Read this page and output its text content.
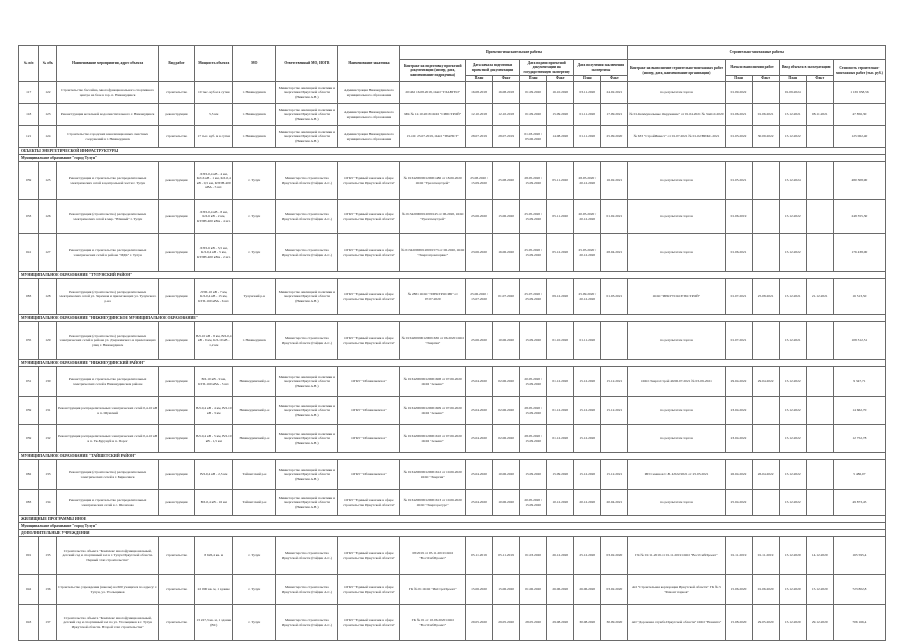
№ п/п	№ объ	Наименование мероприятия, адрес объекта	Вид работ	Мощность объекта	МО	Ответственный МО, ИОГВ	Наименование заказчика	Проектно-изыскательские работы							Строительно-монтажные работы					
								Контракт на подготовку проектной документации (номер, дата, наименование подрядчика)	Дата начала подготовки проектной документации		Дата подачи проектной документации на государственную экспертизу		Дата получения заключения экспертизы		Контракт на выполнение строительно-монтажных работ (номер, дата, наименование организации)	Начало выполнения работ		Ввод объекта в эксплуатацию		Стоимость строительно-монтажных работ (тыс. руб.)
									План	Факт	План	Факт	План	Факт		План	Факт	План	Факт	
117	122	Строительство бассейна, многофункционального спортивного центра на базе в гор. п. Нижнеудинск	строительство	10 тыс. куб.м в сутки	г. Нижнеудинск	Министерство жилищной политики и энергетики Иркутской области (Никитин А.Н.)	Администрация Нижнеудинского муниципального образования	20/462 16.08.2018, ОАО "ГЛАВГЕО"	16.08.2018	16.08.2018	01.09.2020	16.10.2020	03.11.2020	24.02.2021	по результатам торгов	01.09.2022		01.09.2024		1 165 958,56
118	123	Реконструкция котельной водоочистительного г. Нижнеудинск	реконструкция	5,5 км	г. Нижнеудинск	Министерство жилищной политики и энергетики Иркутской области (Никитин А.Н.)	Администрация Нижнеудинского муниципального образования	МК № 12.10.2018 ООО "СИБСТРОЙ"	12.10.2018	12.10.2018	01.09.2020	15.09.2020	01.11.2020	17.09.2021	№ 01-Коммунальные Окружение" от 01.04.2021 № ЗАО-0-2020	01.06.2021	01.06.2021	15.12.2021	08.11.2021	47 856,30
121	124	Строительство городских канализационных очистных сооружений в г. Нижнеудинск	строительство	17 тыс. куб. м в сутки	г. Нижнеудинск	Министерство жилищной политики и энергетики Иркутской области (Никитин А.Н.)	Администрация Нижнеудинского муниципального образования	15-ОС 25.07.2019, ОАО "ТРАНСТ"	28.07.2019	28.07.2019	01.03.2020 / 05.06.2020	14.08.2020	01.11.2020	25.09.2020	№ 633 "СтройИнвест" от 01.07.2021 № 01-02/ВИКС-2021	01.03.2022	30.09.2022	15.12.2022		125 062,40
ОБЪЕКТЫ ЭНЕРГЕТИЧЕСКОЙ ИНФРАСТРУКТУРЫ																				
Муниципальное образование "город Тулун"																				
059	125	Реконструкция и строительство распределительных электрических сетей в центральной части г. Тулун	реконструкция	ЛЭП-0,4 кВ - 4 км, КЛ-6 кВ - 1 км, КЛ-0,4 кВ - 0,5 км, КТПН-400 кВА - 5 шт.	г. Тулун	Министерство строительства Иркутской области (Гайдин А.С.)	ОГКУ "Единый заказчик в сфере строительства Иркутской области"	№ 0134200000120001486 от 18.06.2020 ООО "Уралспецстрой"	25.08.2020 / 15.09.2020	25.08.2020	28.05.2020 / 15.09.2020	05.11.2020	28.05.2020 / 20.12.2020	16.02.2021	по результатам торгов	01.05.2021		15.12.2024		480 308,90
033	126	Реконструкция (строительство) распределительных электрических сетей в мкр. "Южный" г. Тулун	реконструкция	ЛЭП-0,4 кВ - 8 км, КЛ-6 кВ - 2 км, КТПН-400 кВА - 4 шт.	г. Тулун	Министерство строительства Иркутской области (Гайдин А.С.)	ОГКУ "Единый заказчик в сфере строительства Иркутской области"	№ 013420000012000145 от 06.2020, ООО "Уралспецстрой"	25.06.2020	15.06.2020	25.05.2020 / 15.09.2020	05.11.2020	20.05.2020 / 20.12.2020	01.02.2021	по результатам торгов	01.06.2019		15.12.2022		248 355,30
041	127	Реконструкция и строительство распределительных электрических сетей в районе "ИДК" г. Тулун	реконструкция	ЛЭП-6 кВ - 3,5 км, КЛ-0,4 кВ - 5 км, КТПН-400 кВА - 2 шт.	г. Тулун	Министерство строительства Иркутской области (Гайдин А.С.)	ОГКУ "Единый заказчик в сфере строительства Иркутской области"	№ 0134200000120001573 от 06.2020, ООО "Энергопромсервис"	23.06.2020	16.06.2020	25.05.2020 / 15.09.2020	05.12.2020	25.05.2020 / 20.12.2020	28.04.2021	по результатам торгов	01.06.2021		15.12.2022		176 438,00
МУНИЦИПАЛЬНОЕ ОБРАЗОВАНИЕ "ТУЛУНСКИЙ РАЙОН"																				
083	128	Реконструкция (строительство) распределительных электрических сетей ул. Заречная и прилегающих ул. Тулунского р-на	реконструкция	ЛЭП-10 кВ - 7 км, КЛ-0,4 кВ - 15 км, КТП-160 кВА - 6 шт.	Тулунский р-н	Министерство жилищной политики и энергетики Иркутской области (Никитин А.Н.)	ОГКУ "Единый заказчик в сфере строительства Иркутской области"	№ 2881 ООО "ЭЛЕКТРОСИБ" от 07.07.2020	25.06.2020 / 15.07.2020	01.07.2020	25.07.2020 / 25.09.2020	09.12.2020	25.09.2020 / 20.12.2020	01.03.2021	ООО "ИРКУТСКСЕТЬСТРОЙ"	01.07.2021	25.08.2021	15.12.2021	21.12.2021	16 513,50
МУНИЦИПАЛЬНОЕ ОБРАЗОВАНИЕ "НИЖНЕУДИНСКОЕ МУНИЦИПАЛЬНОЕ ОБРАЗОВАНИЕ"																				
035	129	Реконструкция (строительство) распределительных электрических сетей в районе ул. Дзержинского и прилегающих улиц г. Нижнеудинск	реконструкция	ВЛ-10 кВ - 8 км, ВЛ-0,4 кВ - 9 км, КЛ-10 кВ - 1,2 км	г. Нижнеудинск	Министерство строительства Иркутской области (Гайдин А.С.)	ОГКУ "Единый заказчик в сфере строительства Иркутской области"	№ 0134200000120001636 от 06.2020 ООО "Энергия"	25.06.2020	10.06.2020	15.09.2020	01.10.2020	01.11.2020		по результатам торгов	01.07.2021		15.12.2021		108 312,51
МУНИЦИПАЛЬНОЕ ОБРАЗОВАНИЕ "НИЖНЕУДИНСКИЙ РАЙОН"																				
031	130	Реконструкция и строительство распределительных электрических сетей в Нижнеудинском районе	реконструкция	ВЛ-10 кВ - 9 км, КТП-160 кВА - 5 шт.	Нижнеудинский р-н	Министерство жилищной политики и энергетики Иркутской области (Никитин А.Н.)	ОГКУ "Облжилкомхоз"	№ 0134200000120001608 от 07.06.2020 ООО "Альянс"	25.04.2020	02.06.2020	20.05.2020 / 15.09.2020	01.12.2020	15.12.2020	15.12.2021	ООО ЭнергоСтрой 46/06.07.2021 № 03-09-2021	29.04.2022	29.04.2022	15.12.2022		9 347,71
059	131	Реконструкция распределительных электрических сетей 0,4-10 кВ в п. Шумский	реконструкция	ВЛ-0,4 кВ - 4 км, ВЛ-10 кВ - 3 км	Нижнеудинский р-н	Министерство жилищной политики и энергетики Иркутской области (Никитин А.Н.)	ОГКУ "Облжилкомхоз"	№ 0134200000120001609 от 07.06.2020 ООО "Альянс"	25.04.2020	02.06.2020	28.05.2020 / 15.09.2020	01.12.2020	15.12.2020	15.12.2021	по результатам торгов	23.04.2022		15.12.2022		14 662,70
059	132	Реконструкция распределительных электрических сетей 0,4-10 кВ в п. Ук-Бурунуй и п. Порог	реконструкция	ВЛ-0,4 кВ - 5 км, ВЛ-10 кВ - 1,5 км	Нижнеудинский р-н	Министерство жилищной политики и энергетики Иркутской области (Никитин А.Н.)	ОГКУ "Облжилкомхоз"	№ 0134200000120001610 от 07.06.2020 ООО "Альянс"	25.04.2020	02.06.2020	28.05.2020 / 15.09.2020	01.12.2020	15.12.2020		по результатам торгов	23.04.2022		15.12.2022		12 752,78
МУНИЦИПАЛЬНОЕ ОБРАЗОВАНИЕ "ТАЙШЕТСКИЙ РАЙОН"																				
082	133	Реконструкция (строительство) распределительных электрических сетей в г. Бирюсинск	реконструкция	ВЛ-0,4 кВ - 2,5 км	Тайшетский р-н	Министерство жилищной политики и энергетики Иркутской области (Никитин А.Н.)	ОГКУ "Облжилкомхоз"	№ 0134200000120001612 от 10.06.2020 ООО "Энергия"	25.04.2020	10.06.2020	15.09.2020	15.09.2020	15.12.2020	15.12.2021	ИП Семенов С.В. 4/022/2021 от 25.03.2021	26.04.2022	26.04.2022	15.12.2022		5 486,07
083	134	Реконструкция и строительство распределительных электрических сетей в с. Шелехово	реконструкция	ВЛ-0,4 кВ - 16 км	Тайшетский р-н	Министерство жилищной политики и энергетики Иркутской области (Никитин А.Н.)	ОГКУ "Единый заказчик в сфере строительства Иркутской области"	№ 0134200000120001613 от 10.06.2020 ООО "Энергоресурс"	25.04.2020	10.06.2020	20.05.2020 / 15.09.2020	10.12.2020	20.12.2020	20.04.2021	по результатам торгов	25.04.2022		15.12.2022		49 873,45
ЖИЛИЩНЫЕ ПРОГРАММЫ ИНОЕ																				
Муниципальное образование "город Тулун"																				
ДОПОЛНИТЕЛЬНЫЕ УЧРЕЖДЕНИЯ																				
001	135	Строительство объекта "Комплекс многофункциональный, детский сад и спортивный зал в г. Тулун Иркутской области. Первый этап строительства"	строительство	8 626,4 кв. м	г. Тулун	Министерство строительства Иркутской области (Гайдин А.С.)	ОГКУ "Единый заказчик в сфере строительства Иркутской области"	08/2019 от 05.11.2019 ООО "ВостСибПроект"	05.11.2019	05.11.2019	01.03.2020	26.12.2020	25.12.2020	03.02.2020	ГК № 01/11-2019 от 01.11.2019 ООО "ВостСибПроект"	01.11.2019	01.11.2019	15.12.2020	14.12.2020	165 595,4
042	136	Строительство учреждения (школы) на 600 учащихся по адресу: г. Тулун, ул. Угольщиков	строительство	22 000 кв. м, 1 здание	г. Тулун	Министерство строительства Иркутской области (Гайдин А.С.)	ОГКУ "Единый заказчик в сфере строительства Иркутской области"	ГК № 01 ООО "ИнСтроПроект"	15.06.2020	15.06.2020	01.06.2020	26.06.2020	26.06.2020	03.02.2020	АО "Строительная корпорация Иркутской области" ГК № 5 "Ремонт парков"	15.06.2020	01.06.2020	15.12.2020	15.12.2020	723 802,8
043	137	Строительство объекта "Комплекс многофункциональный, детский сад и спортивный зал по ул. Угольщиков в г. Тулун Иркутской области. Второй этап строительства"	строительство	13 227,3 кв. м, 1 здание (ВС)	г. Тулун	Министерство строительства Иркутской области (Гайдин А.С.)	ОГКУ "Единый заказчик в сфере строительства Иркутской области"	ГК № 01 от 10.06.2020 ООО "ВостСибПроект"	29.05.2020	29.05.2020	28.05.2020	29.08.2020	30.08.2020	30.09.2020	АО "Дорожная служба Иркутской области" ООО "Новинта"	15.08.2020	29.05.2020	15.12.2020	29.12.2020	706 166,4
